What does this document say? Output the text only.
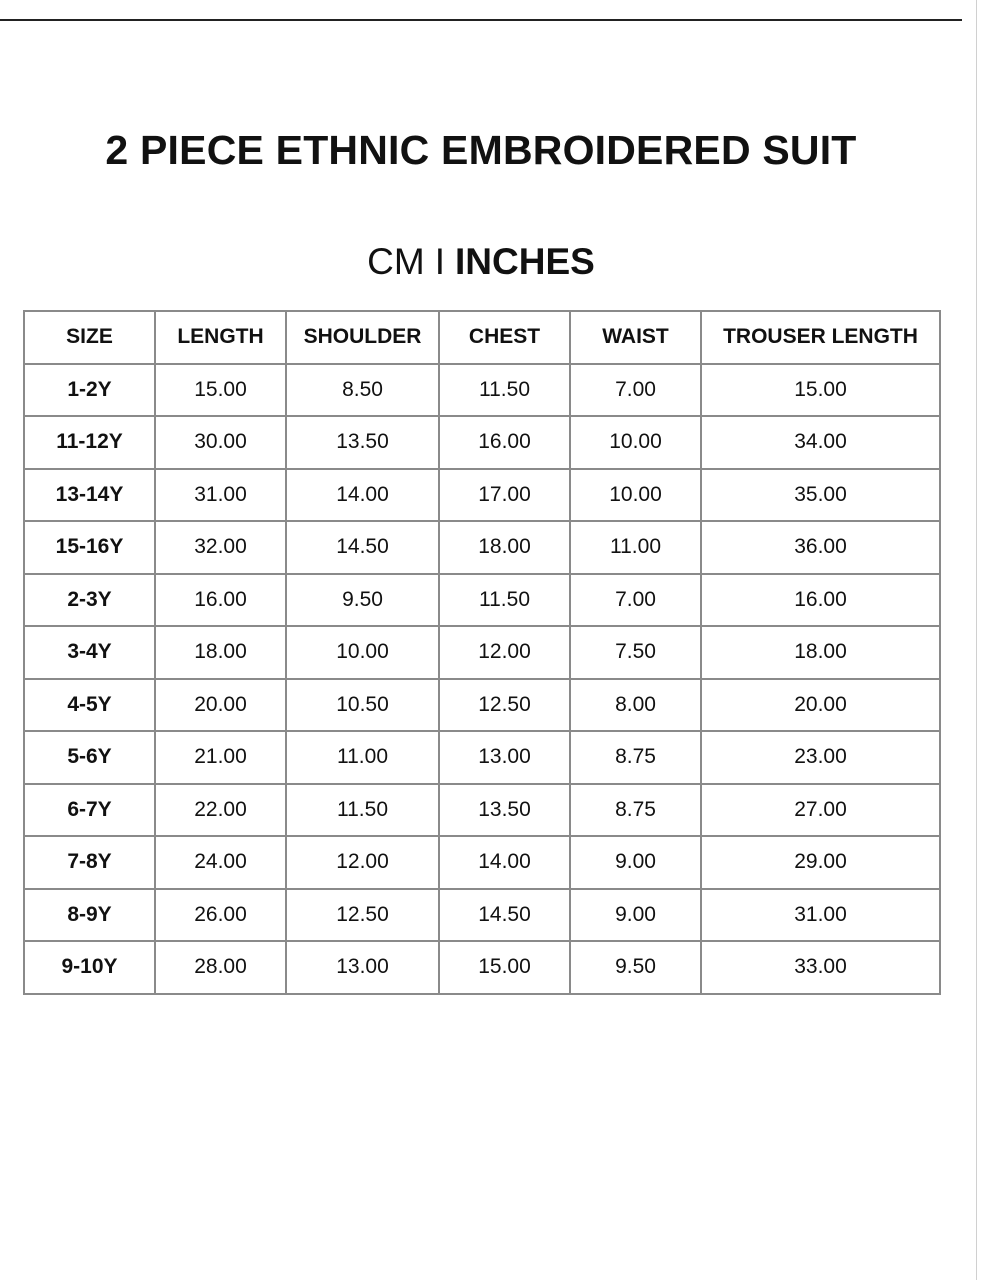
2 PIECE ETHNIC EMBROIDERED SUIT
CM I INCHES
SIZE	LENGTH	SHOULDER	CHEST	WAIST	TROUSER LENGTH
1-2Y	15.00	8.50	11.50	7.00	15.00
11-12Y	30.00	13.50	16.00	10.00	34.00
13-14Y	31.00	14.00	17.00	10.00	35.00
15-16Y	32.00	14.50	18.00	11.00	36.00
2-3Y	16.00	9.50	11.50	7.00	16.00
3-4Y	18.00	10.00	12.00	7.50	18.00
4-5Y	20.00	10.50	12.50	8.00	20.00
5-6Y	21.00	11.00	13.00	8.75	23.00
6-7Y	22.00	11.50	13.50	8.75	27.00
7-8Y	24.00	12.00	14.00	9.00	29.00
8-9Y	26.00	12.50	14.50	9.00	31.00
9-10Y	28.00	13.00	15.00	9.50	33.00
